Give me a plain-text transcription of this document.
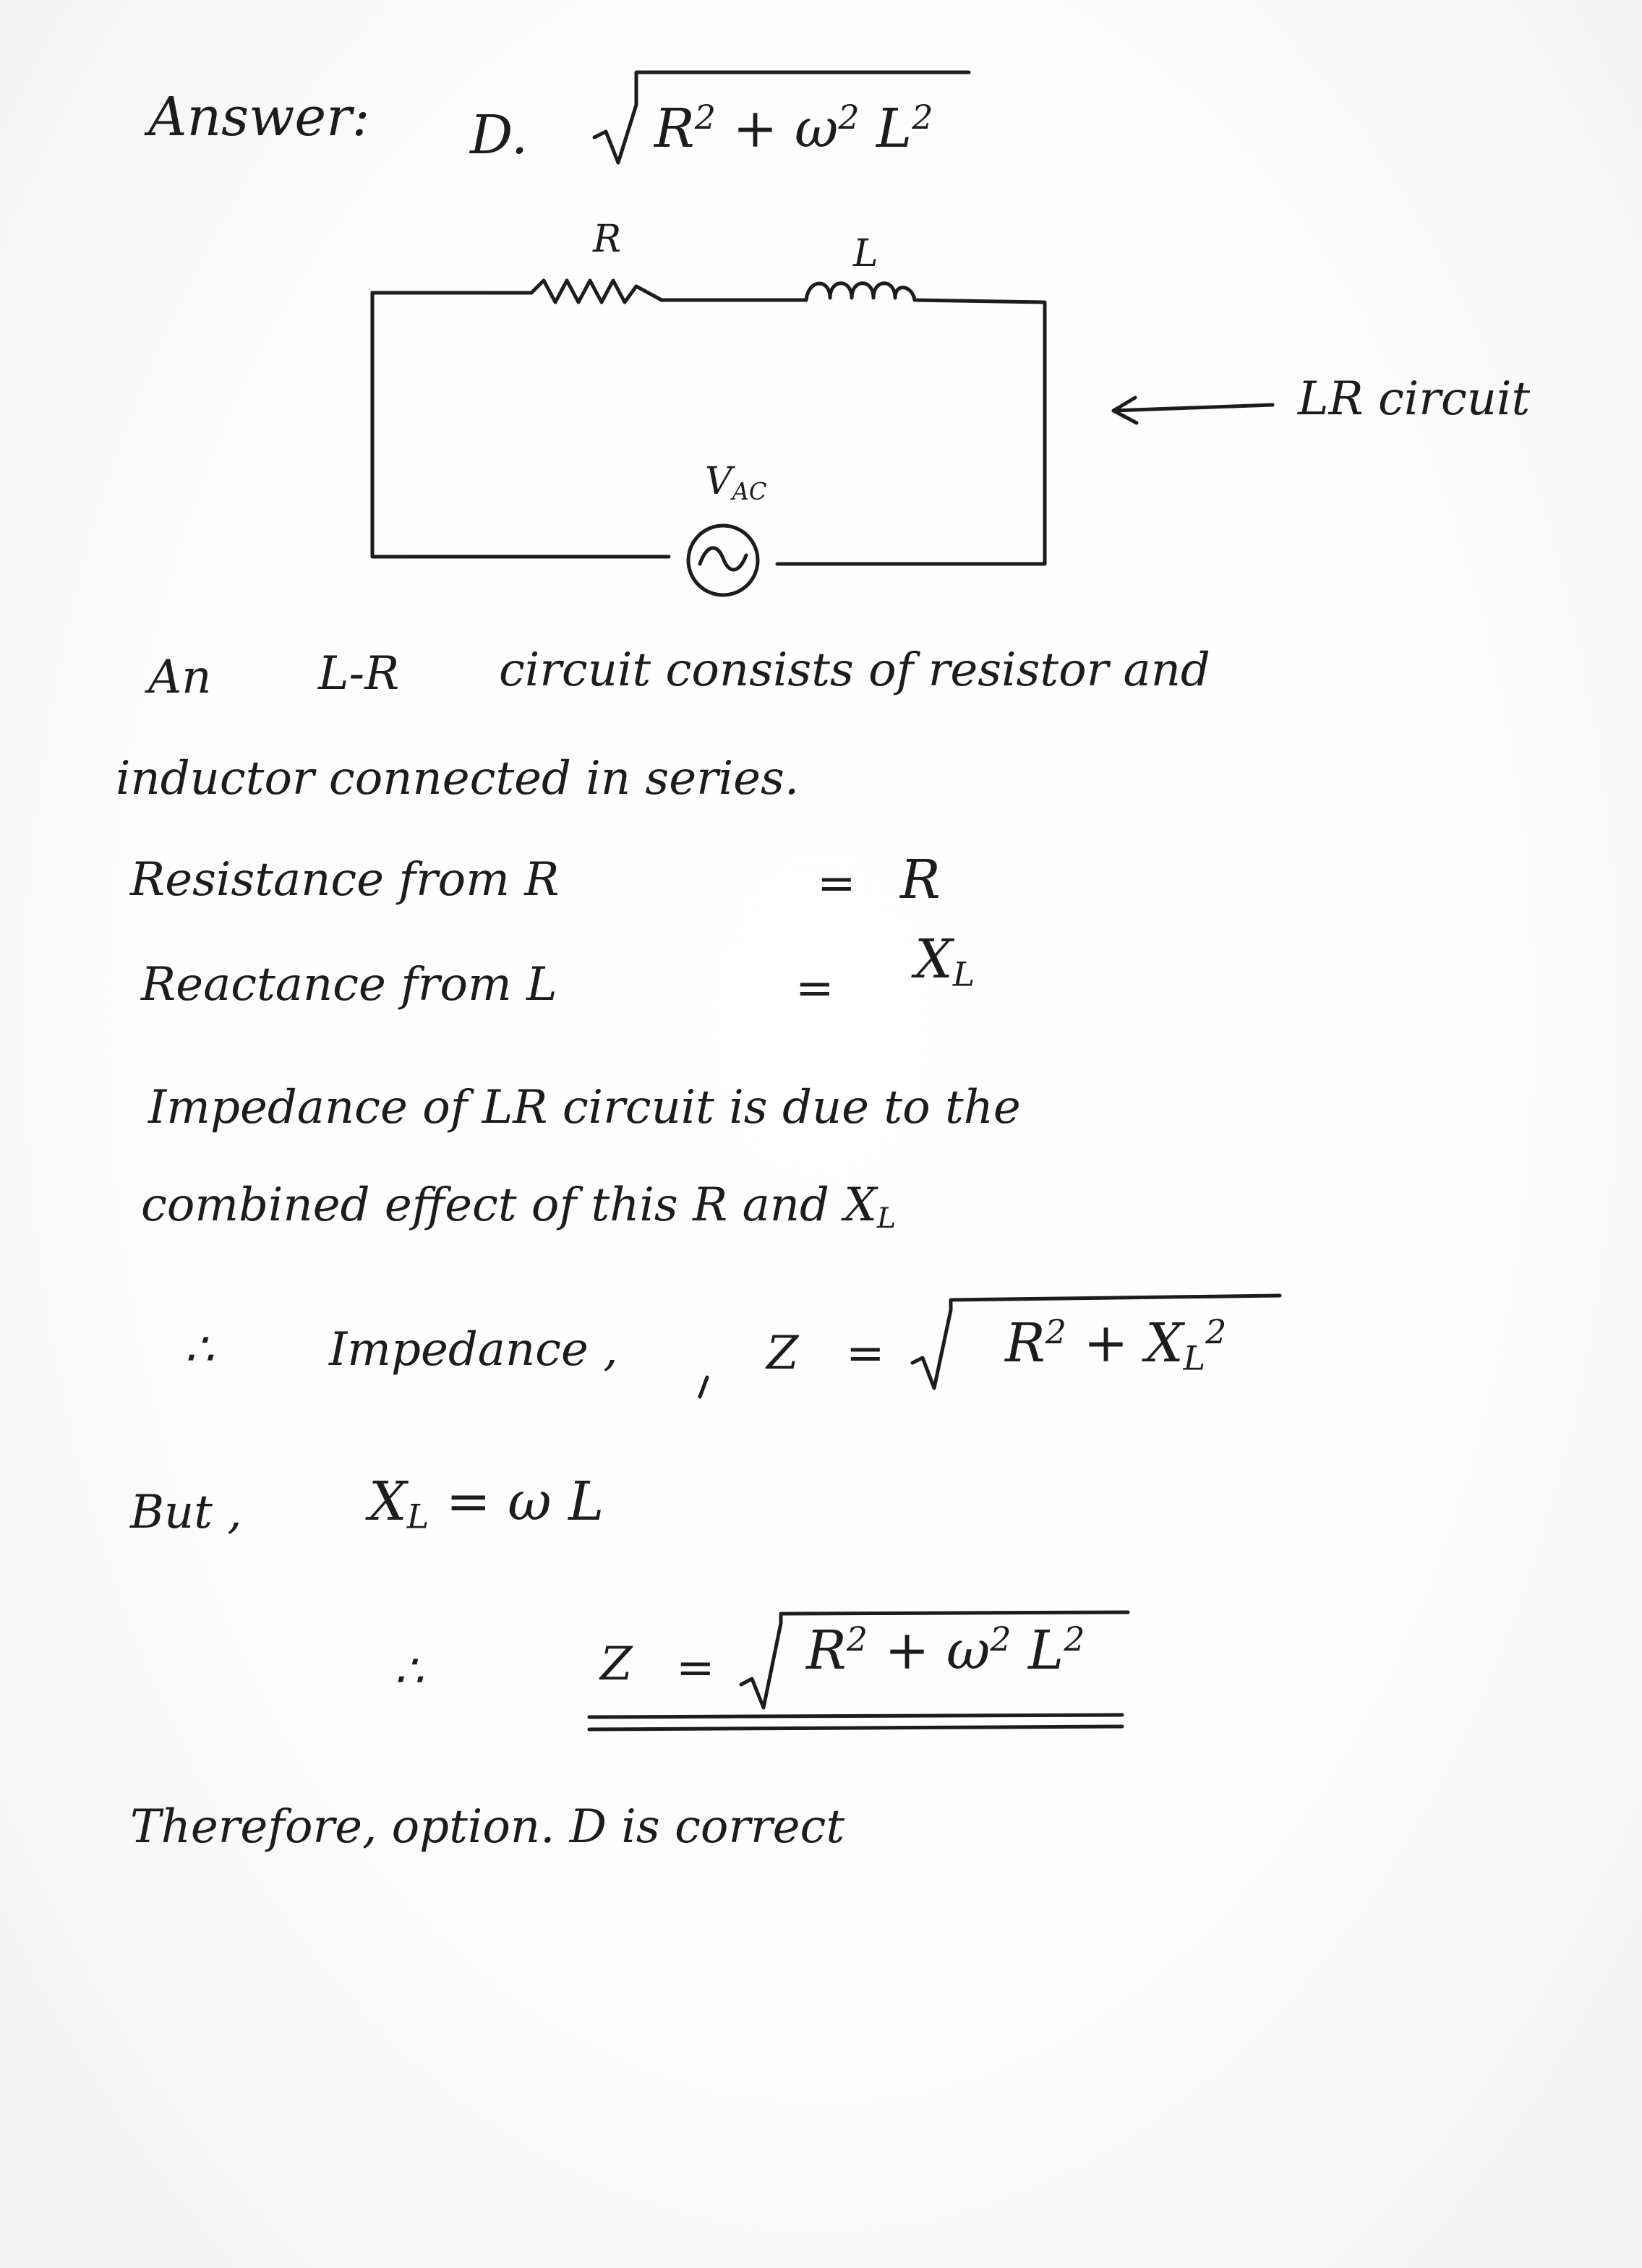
Answer: D. $R^2 + \omega^2$ $L^2$
R	L
$V_{AC}$
LR circuit
An L-R circuit consists of resistor and
inductor connected in series.
Resistance from R	= R
Reactance from L	= $X_L$
Impedance of LR circuit is due to the
combined effect of this R and $X_L$
∴ Impedance ,	$Z = R^2 + X_L^2$
But , $X_L = \omega$ L
∴	$Z = R^2 + \omega^2$ $L^2$
Therefore, option. D is correct
